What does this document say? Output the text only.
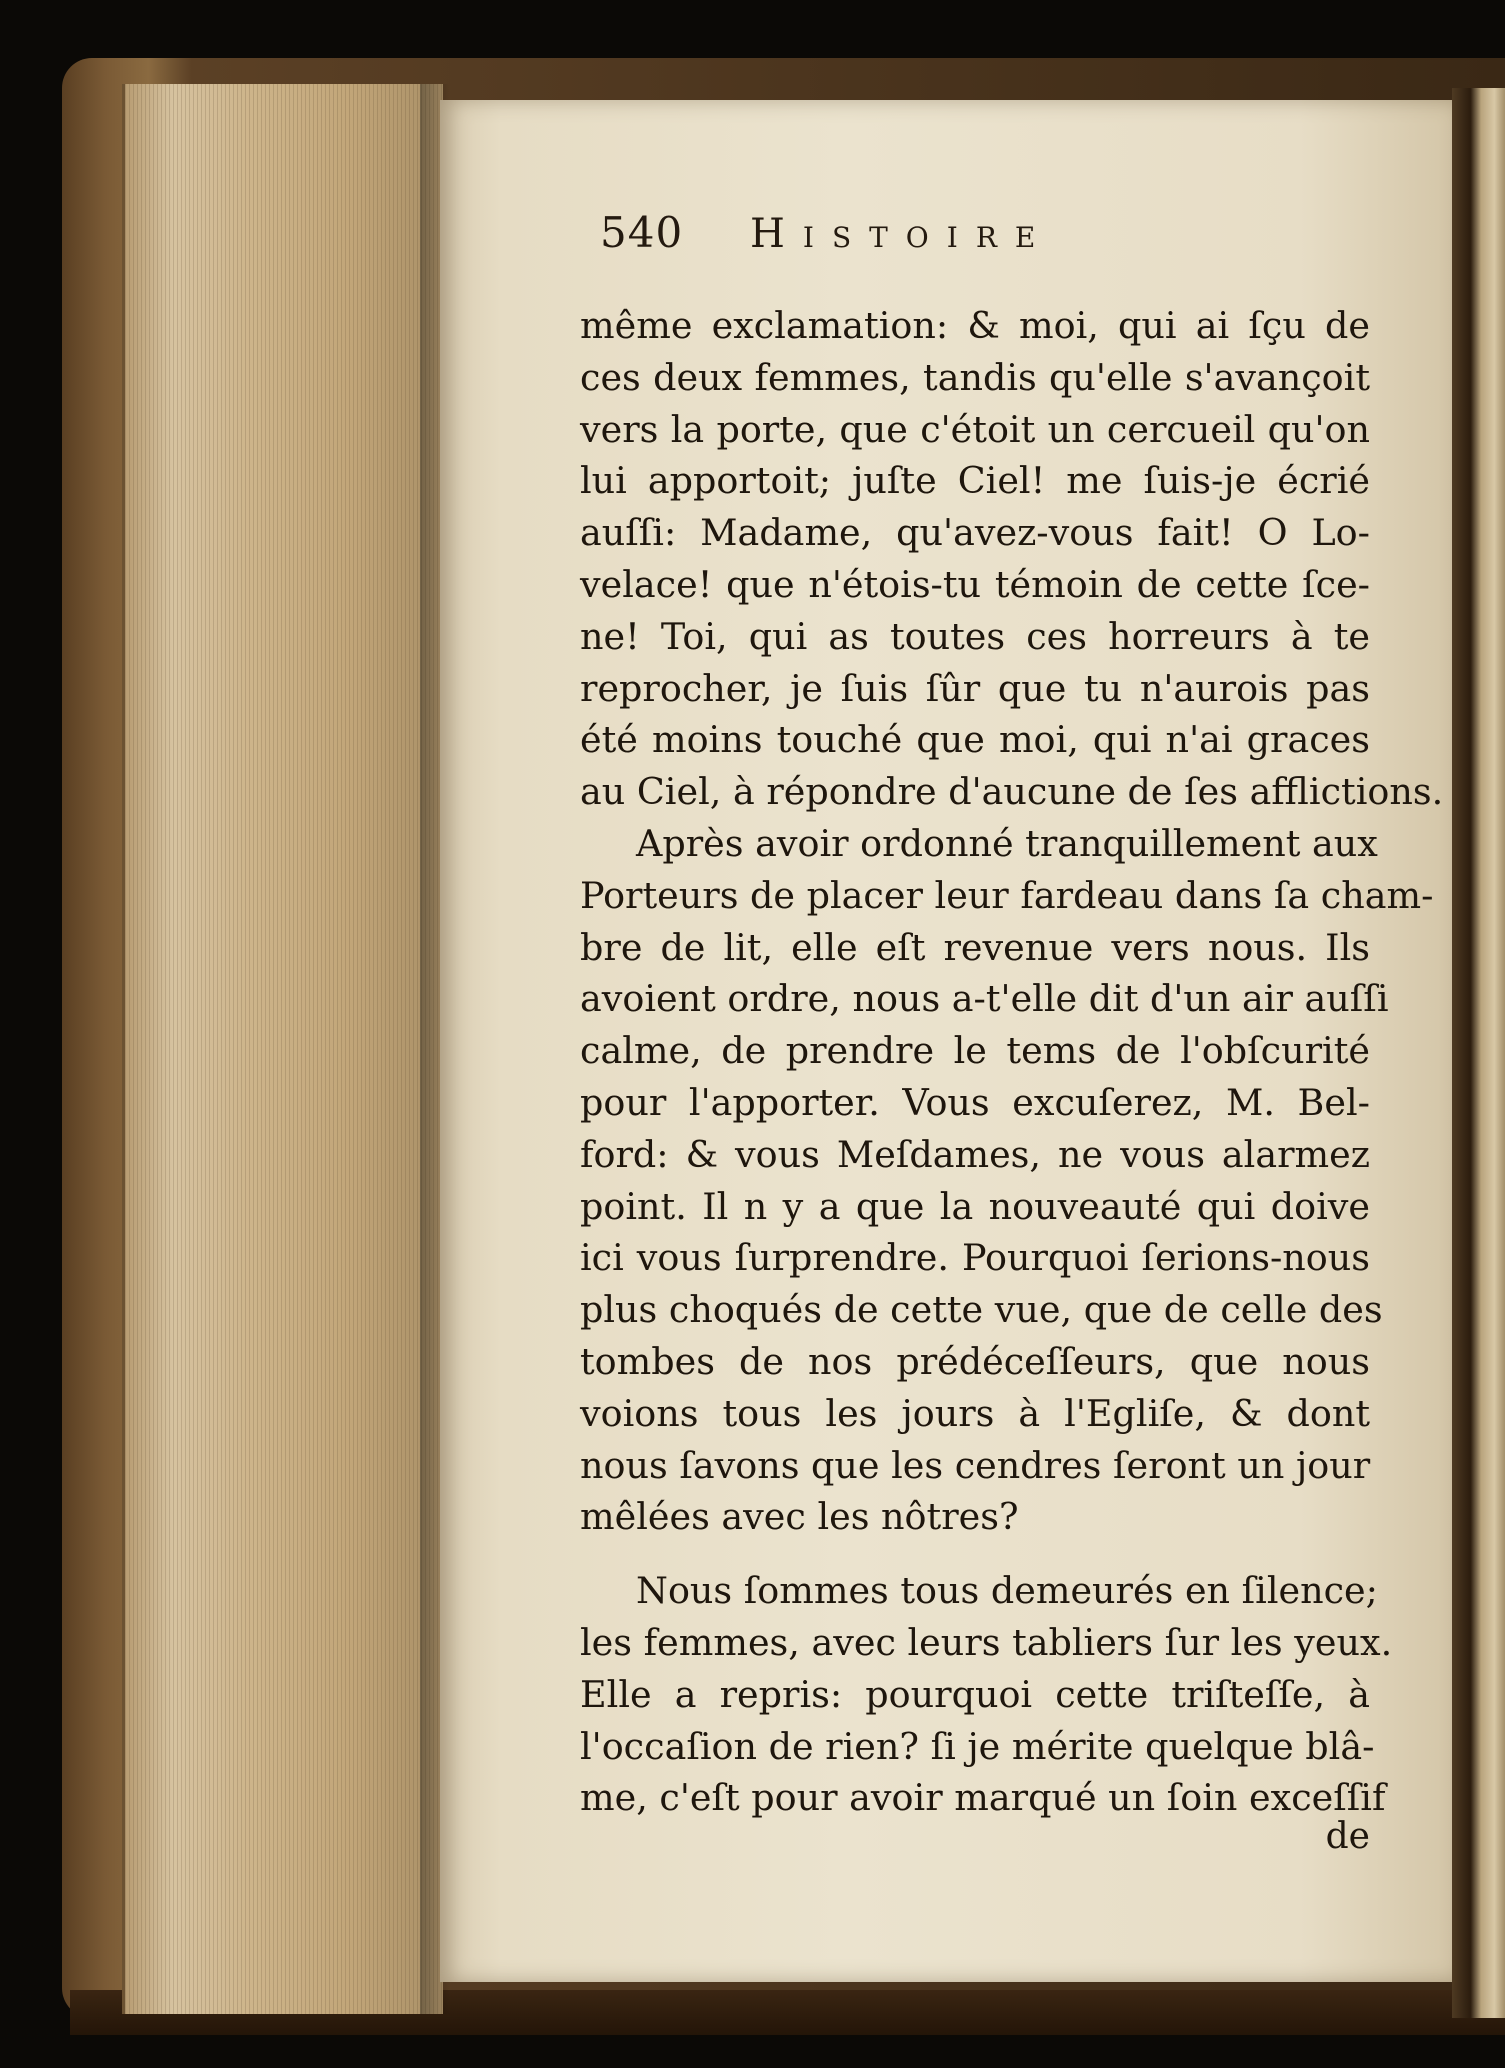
540	Histoire
même exclamation: & moi, qui ai ſçu de
ces deux femmes, tandis qu'elle s'avançoit
vers la porte, que c'étoit un cercueil qu'on
lui apportoit; juſte Ciel! me ſuis-je écrié
auſſi: Madame, qu'avez-vous fait! O Lo-
velace! que n'étois-tu témoin de cette ſce-
ne! Toi, qui as toutes ces horreurs à te
reprocher, je ſuis ſûr que tu n'aurois pas
été moins touché que moi, qui n'ai graces
au Ciel, à répondre d'aucune de ſes afflictions.
Après avoir ordonné tranquillement aux
Porteurs de placer leur fardeau dans ſa cham-
bre de lit, elle eſt revenue vers nous. Ils
avoient ordre, nous a-t'elle dit d'un air auſſi
calme, de prendre le tems de l'obſcurité
pour l'apporter. Vous excuſerez, M. Bel-
ford: & vous Meſdames, ne vous alarmez
point. Il n y a que la nouveauté qui doive
ici vous ſurprendre. Pourquoi ſerions-nous
plus choqués de cette vue, que de celle des
tombes de nos prédéceſſeurs, que nous
voions tous les jours à l'Egliſe, & dont
nous ſavons que les cendres ſeront un jour
mêlées avec les nôtres?
Nous ſommes tous demeurés en ſilence;
les femmes, avec leurs tabliers ſur les yeux.
Elle a repris: pourquoi cette triſteſſe, à
l'occaſion de rien? ſi je mérite quelque blâ-
me, c'eſt pour avoir marqué un ſoin exceſſif
de
